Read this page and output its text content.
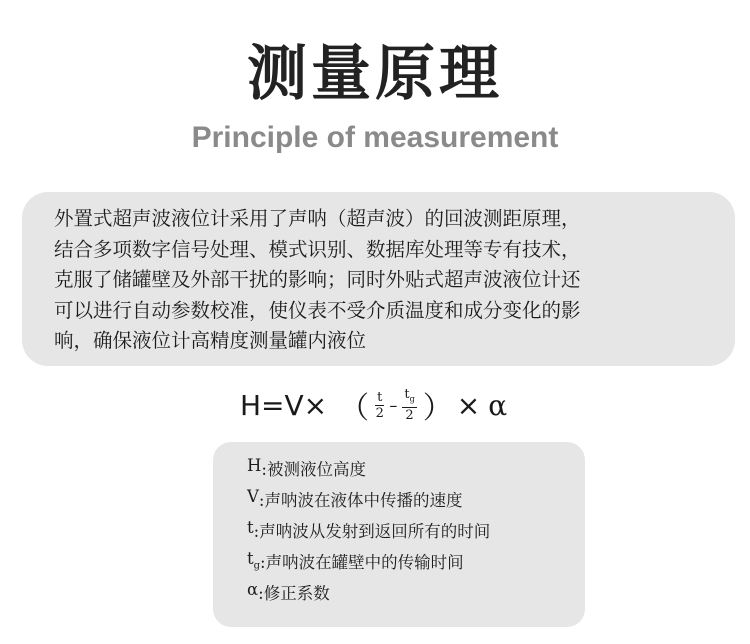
测量原理
Principle of measurement
外置式超声波液位计采用了声呐（超声波）的回波测距原理，
结合多项数字信号处理、模式识别、数据库处理等专有技术，
克服了储罐壁及外部干扰的影响；同时外贴式超声波液位计还
可以进行自动参数校准，使仪表不受介质温度和成分变化的影
响，确保液位计高精度测量罐内液位
H=V × （ $\frac{t}{2} - \frac{t_g}{2}$ ） × α
H :被测液位高度
V :声呐波在液体中传播的速度
t :声呐波从发射到返回所有的时间
$t_g$ :声呐波在罐壁中的传输时间
α :修正系数
